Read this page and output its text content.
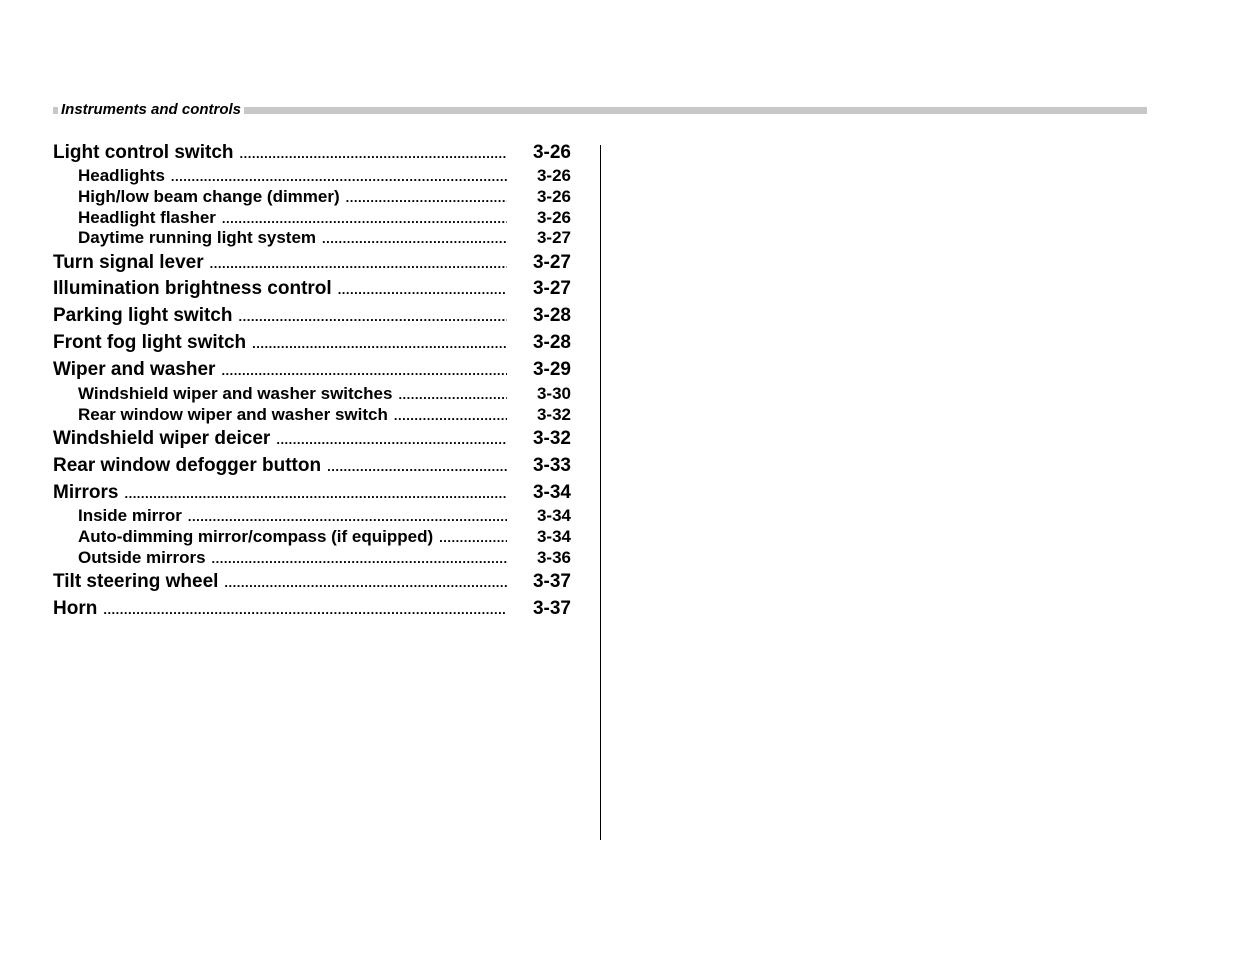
Instruments and controls
Light control switch .....	3-26
Headlights .....	3-26
High/low beam change (dimmer) .....	3-26
Headlight flasher .....	3-26
Daytime running light system .....	3-27
Turn signal lever .....	3-27
Illumination brightness control .....	3-27
Parking light switch .....	3-28
Front fog light switch .....	3-28
Wiper and washer .....	3-29
Windshield wiper and washer switches .....	3-30
Rear window wiper and washer switch .....	3-32
Windshield wiper deicer .....	3-32
Rear window defogger button .....	3-33
Mirrors .....	3-34
Inside mirror .....	3-34
Auto-dimming mirror/compass (if equipped) .....	3-34
Outside mirrors .....	3-36
Tilt steering wheel .....	3-37
Horn .....	3-37
